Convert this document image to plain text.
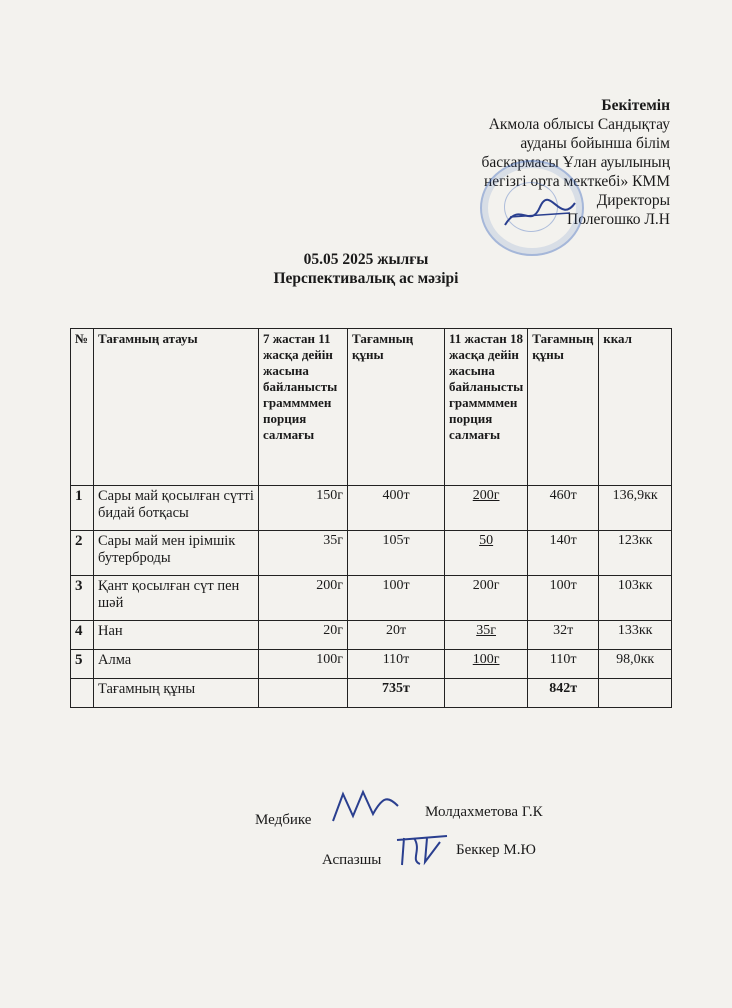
Бекітемін
Акмола облысы Сандықтау
ауданы бойынша білім
баскармасы Ұлан ауылының
негізгі орта мекткебі» КММ
Директоры
Полегошко Л.Н
05.05 2025 жылғы
Перспективалық ас мәзірі
№	Тағамның атауы	7 жастан 11 жасқа дейін жасына байланысты граммммен порция салмағы	Тағамның құны	11 жастан 18 жасқа дейін жасына байланысты граммммен порция салмағы	Тағамның құны	ккал
1	Сары май қосылған сүтті бидай ботқасы	150г	400т	200г	460т	136,9кк
2	Сары май мен ірімшік бутерброды	35г	105т	50	140т	123кк
3	Қант қосылған сүт пен шәй	200г	100т	200г	100т	103кк
4	Нан	20г	20т	35г	32т	133кк
5	Алма	100г	110т	100г	110т	98,0кк
	Тағамның құны		735т		842т	
Медбике	Молдахметова Г.К
Аспазшы
Беккер М.Ю
